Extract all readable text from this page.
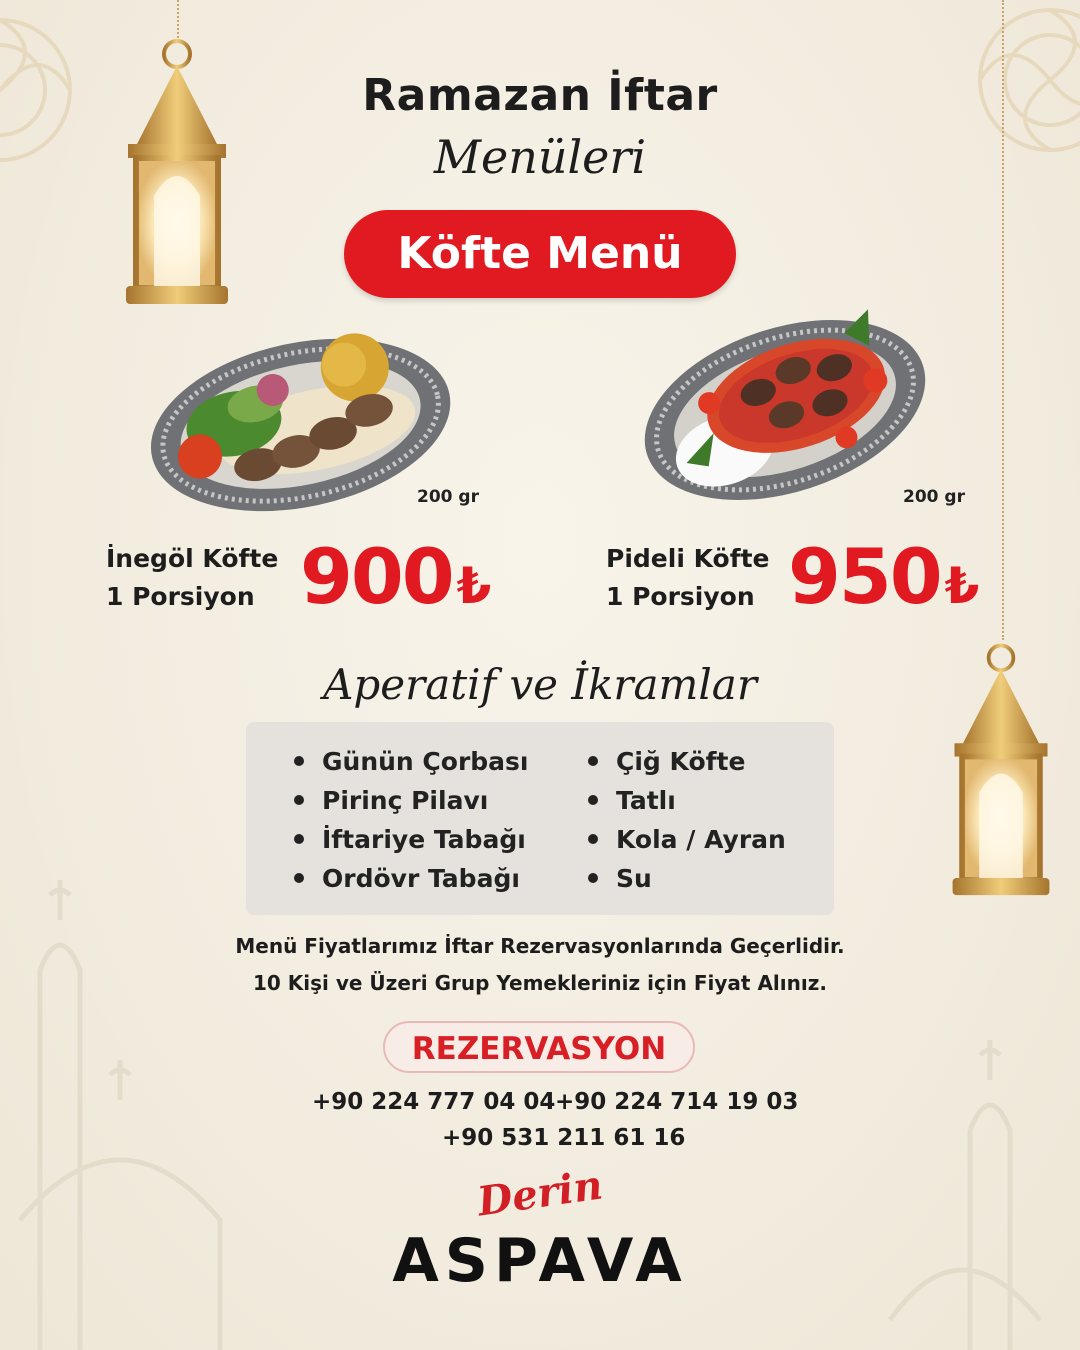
Ramazan İftar
Menüleri
Köfte Menü
200 gr	200 gr
İnegöl Köfte
1 Porsiyon 900₺	Pideli Köfte
1 Porsiyon 950₺
Aperatif ve İkramlar
Günün Çorbası
Pirinç Pilavı
İftariye Tabağı
Ordövr Tabağı
Çiğ Köfte
Tatlı
Kola / Ayran
Su
Menü Fiyatlarımız İftar Rezervasyonlarında Geçerlidir.
10 Kişi ve Üzeri Grup Yemekleriniz için Fiyat Alınız.
REZERVASYON
+90 224 777 04 04 +90 224 714 19 03
+90 531 211 61 16
Derin
ASPAVA
